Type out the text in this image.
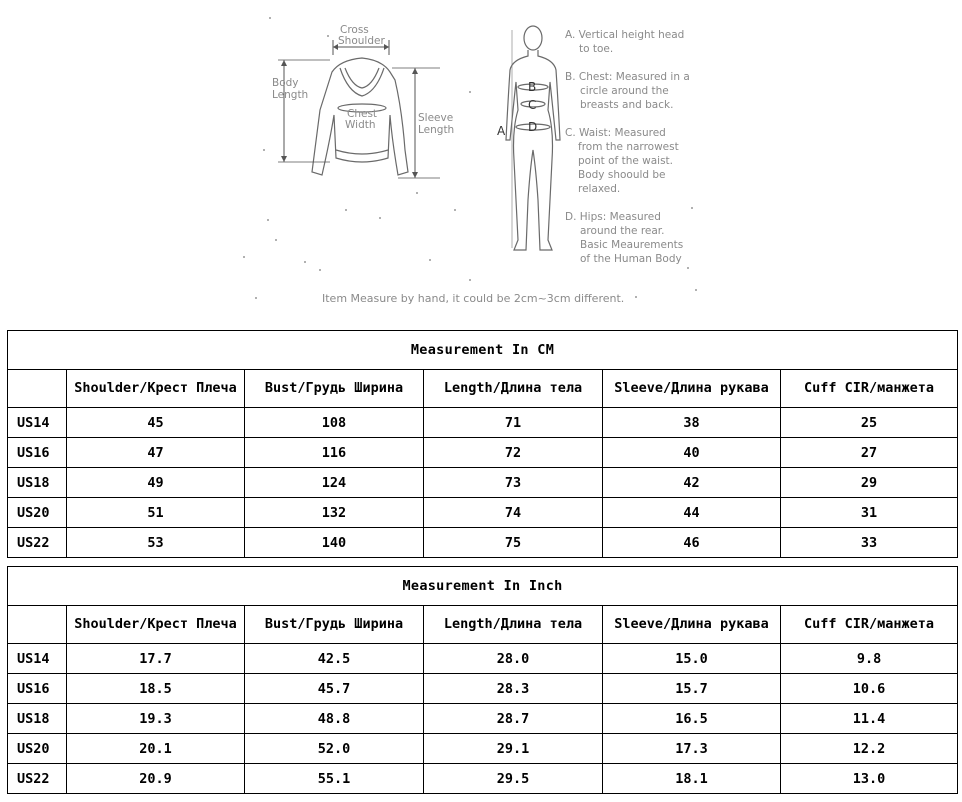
Cross
Shoulder
Body
Length
Chest
Width
Sleeve
Length	A
B
C
D
A. Vertical height head
to toe.
B. Chest: Measured in a
circle around the
breasts and back.
C. Waist: Measured
from the narrowest
point of the waist.
Body shoould be
relaxed.
D. Hips: Measured
around the rear.
Basic Meaurements
of the Human Body
Item Measure by hand, it could be 2cm~3cm different.
Measurement In CM					
	Shoulder/Крест Плеча	Bust/Грудь Ширина	Length/Длина тела	Sleeve/Длина рукава	Cuff CIR/манжета
US14	45	108	71	38	25
US16	47	116	72	40	27
US18	49	124	73	42	29
US20	51	132	74	44	31
US22	53	140	75	46	33
Measurement In Inch					
	Shoulder/Крест Плеча	Bust/Грудь Ширина	Length/Длина тела	Sleeve/Длина рукава	Cuff CIR/манжета
US14	17.7	42.5	28.0	15.0	9.8
US16	18.5	45.7	28.3	15.7	10.6
US18	19.3	48.8	28.7	16.5	11.4
US20	20.1	52.0	29.1	17.3	12.2
US22	20.9	55.1	29.5	18.1	13.0
